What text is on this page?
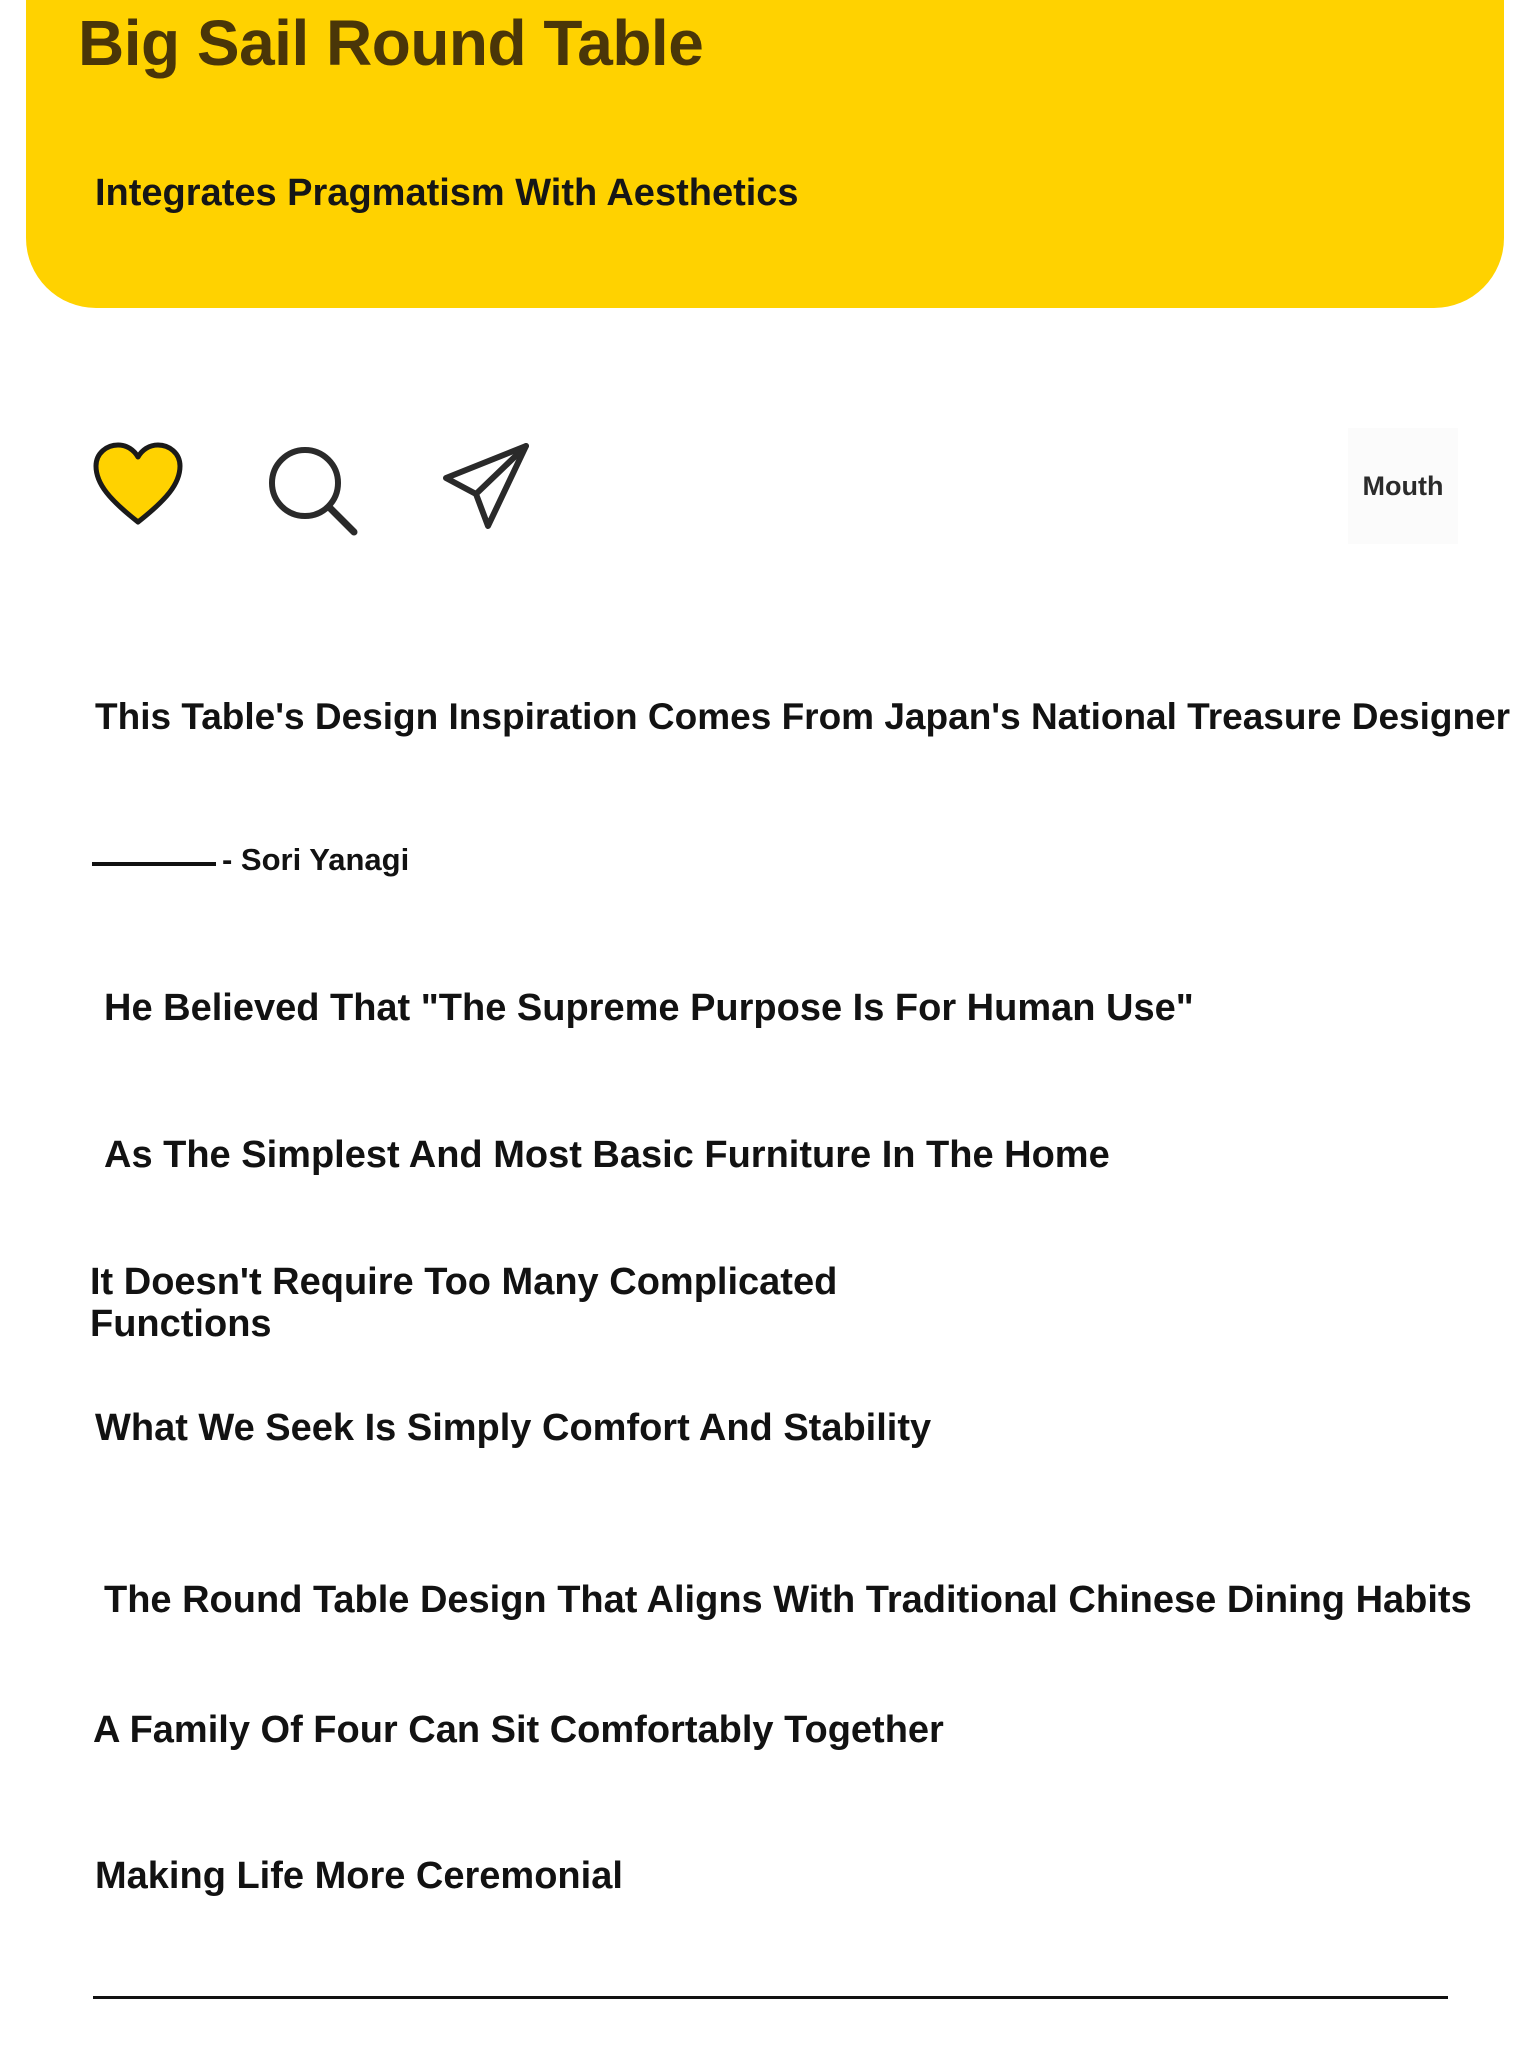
Big Sail Round Table
Integrates Pragmatism With Aesthetics
Mouth
This Table's Design Inspiration Comes From Japan's National Treasure Designer
- Sori Yanagi
He Believed That "The Supreme Purpose Is For Human Use"
As The Simplest And Most Basic Furniture In The Home
It Doesn't Require Too Many Complicated Functions
What We Seek Is Simply Comfort And Stability
The Round Table Design That Aligns With Traditional Chinese Dining Habits
A Family Of Four Can Sit Comfortably Together
Making Life More Ceremonial
